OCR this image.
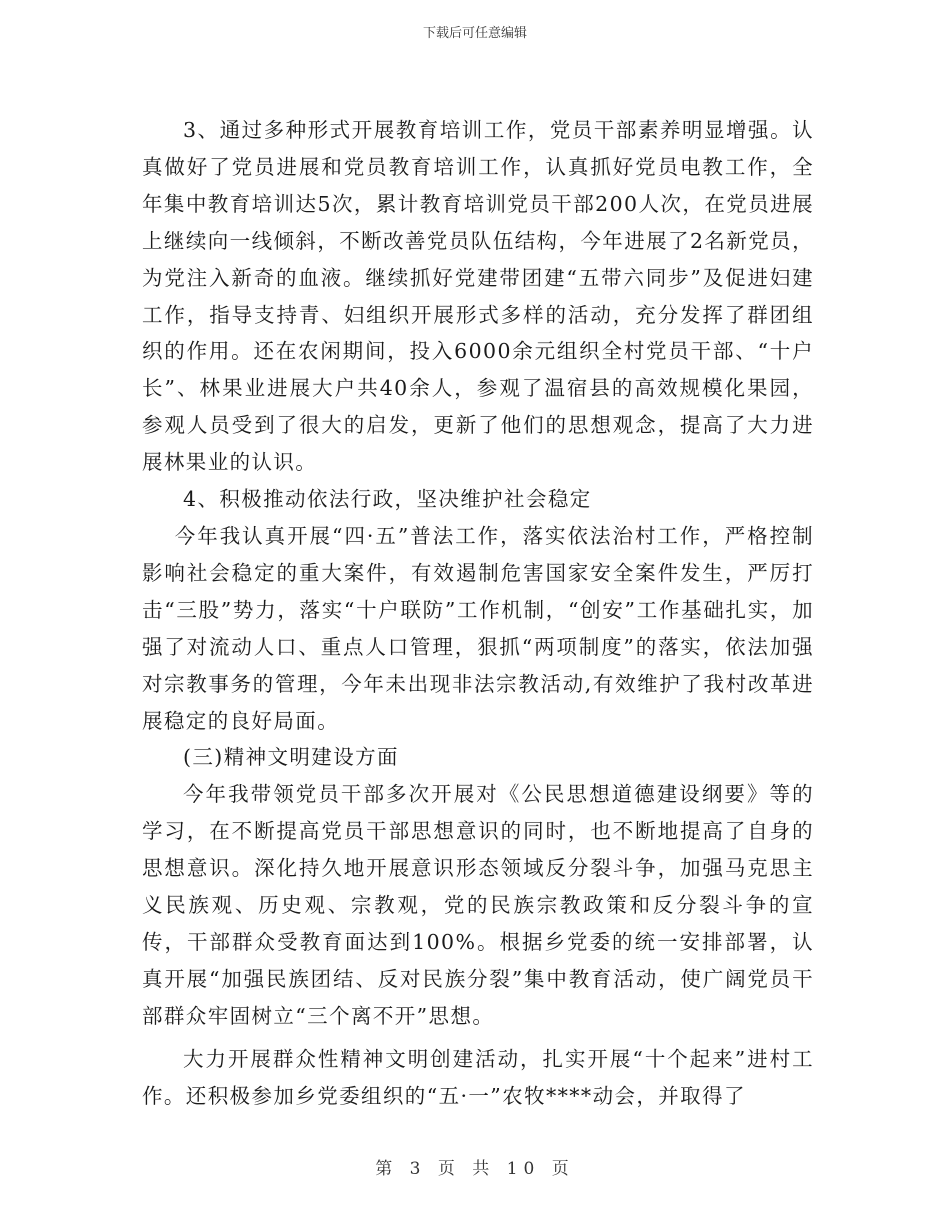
下载后可任意编辑

3、通过多种形式开展教育培训工作，党员干部素养明显增强。认真做好了党员进展和党员教育培训工作，认真抓好党员电教工作，全年集中教育培训达5次，累计教育培训党员干部200人次，在党员进展上继续向一线倾斜，不断改善党员队伍结构，今年进展了2名新党员，为党注入新奇的血液。继续抓好党建带团建“五带六同步”及促进妇建工作，指导支持青、妇组织开展形式多样的活动，充分发挥了群团组织的作用。还在农闲期间，投入6000余元组织全村党员干部、“十户长”、林果业进展大户共40余人，参观了温宿县的高效规模化果园，参观人员受到了很大的启发，更新了他们的思想观念，提高了大力进展林果业的认识。

4、积极推动依法行政，坚决维护社会稳定

今年我认真开展“四·五”普法工作，落实依法治村工作，严格控制影响社会稳定的重大案件，有效遏制危害国家安全案件发生，严厉打击“三股”势力，落实“十户联防”工作机制，“创安”工作基础扎实，加强了对流动人口、重点人口管理，狠抓“两项制度”的落实，依法加强对宗教事务的管理，今年未出现非法宗教活动,有效维护了我村改革进展稳定的良好局面。

(三)精神文明建设方面

今年我带领党员干部多次开展对《公民思想道德建设纲要》等的学习，在不断提高党员干部思想意识的同时，也不断地提高了自身的思想意识。深化持久地开展意识形态领域反分裂斗争，加强马克思主义民族观、历史观、宗教观，党的民族宗教政策和反分裂斗争的宣传，干部群众受教育面达到100%。根据乡党委的统一安排部署，认真开展“加强民族团结、反对民族分裂”集中教育活动，使广阔党员干部群众牢固树立“三个离不开”思想。

大力开展群众性精神文明创建活动，扎实开展“十个起来”进村工作。还积极参加乡党委组织的“五·一”农牧****动会，并取得了

第 3 页 共 10 页
